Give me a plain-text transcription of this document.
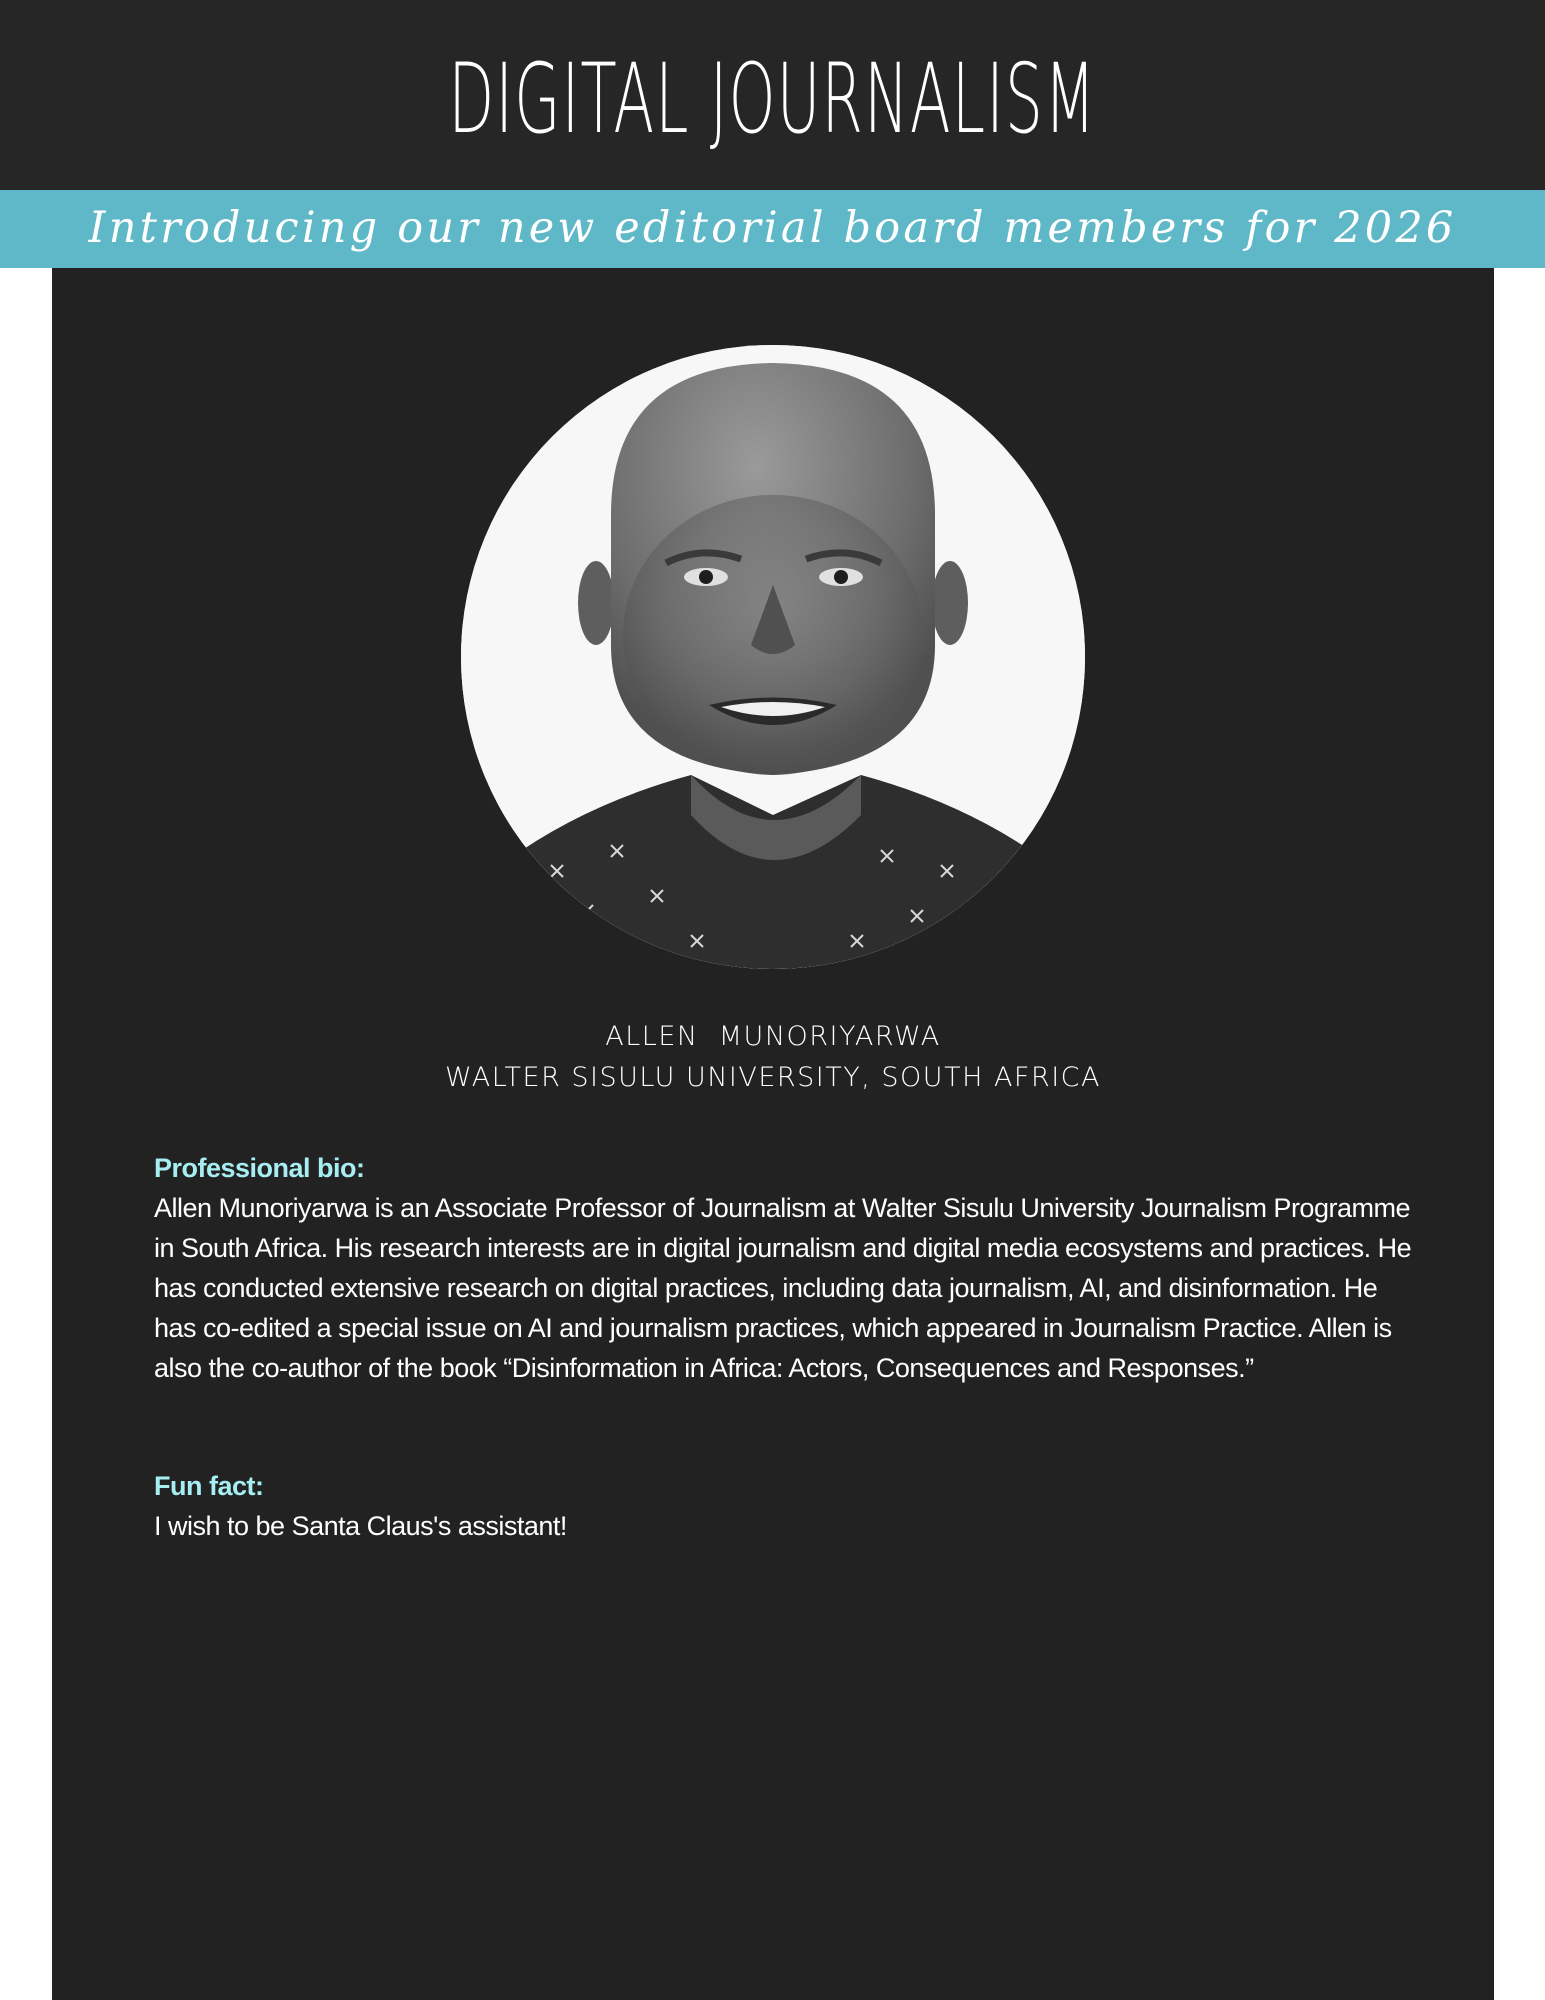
DIGITAL JOURNALISM
Introducing our new editorial board members for 2026
ALLEN  MUNORIYARWA
WALTER SISULU UNIVERSITY, SOUTH AFRICA
Professional bio:
Allen Munoriyarwa is an Associate Professor of Journalism at Walter Sisulu University Journalism Programme in South Africa. His research interests are in digital journalism and digital media ecosystems and practices. He has conducted extensive research on digital practices, including data journalism, AI, and disinformation. He has co-edited a special issue on AI and journalism practices, which appeared in Journalism Practice. Allen is also the co-author of the book “Disinformation in Africa: Actors, Consequences and Responses.”
Fun fact:
I wish to be Santa Claus's assistant!
